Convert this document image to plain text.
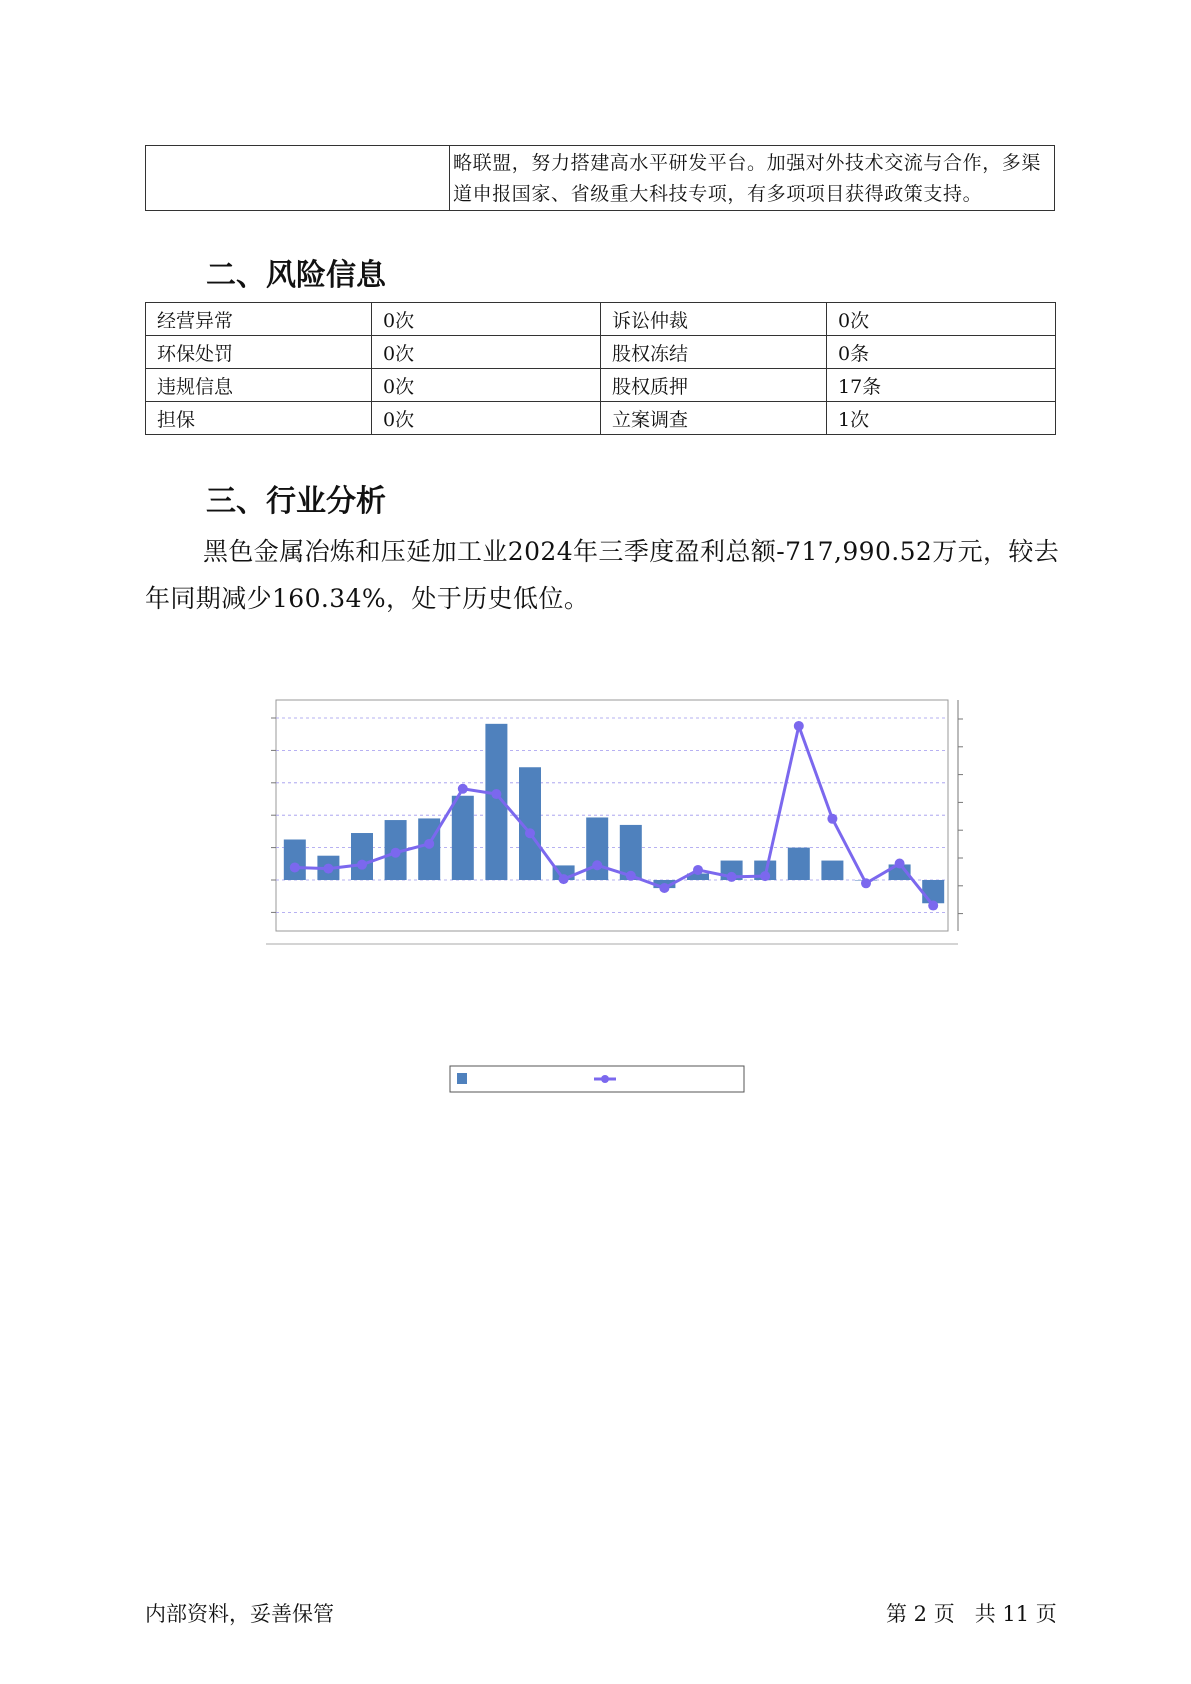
略联盟，努力搭建高水平研发平台。加强对外技术交流与合作，多渠
道申报国家、省级重大科技专项，有多项项目获得政策支持。
二、风险信息
经营异常	0次	诉讼仲裁	0次
环保处罚	0次	股权冻结	0条
违规信息	0次	股权质押	17条
担保	0次	立案调查	1次
三、行业分析

黑色金属冶炼和压延加工业2024年三季度盈利总额-717,990.52万元，较去年同期减少160.34%，处于历史低位。

内部资料，妥善保管	第 2 页   共 11 页
